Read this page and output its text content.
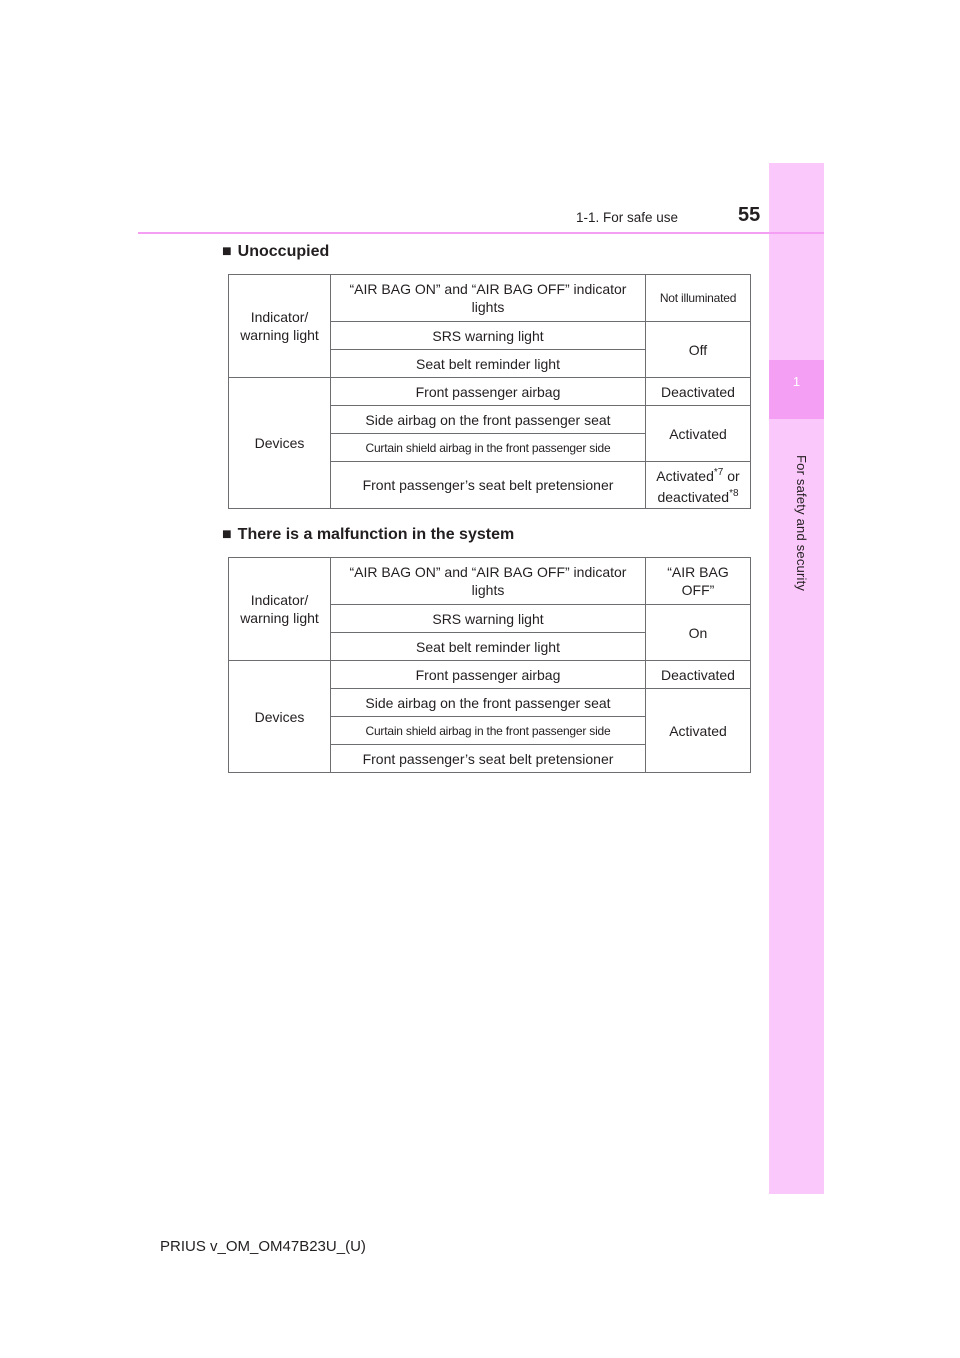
1
For safety and security
1-1. For safe use	55
■ Unoccupied
Indicator/ warning light	“AIR BAG ON” and “AIR BAG OFF” indicator lights	Not illuminated
	SRS warning light	Off
	Seat belt reminder light	
Devices	Front passenger airbag	Deactivated
	Side airbag on the front passenger seat	Activated
	Curtain shield airbag in the front passenger side	
	Front passenger’s seat belt pretensioner	Activated$^{*7}$ or
deactivated$^{*8}$
■ There is a malfunction in the system
Indicator/ warning light	“AIR BAG ON” and “AIR BAG OFF” indicator lights	“AIR BAG OFF”
	SRS warning light	On
	Seat belt reminder light	
Devices	Front passenger airbag	Deactivated
	Side airbag on the front passenger seat	Activated
	Curtain shield airbag in the front passenger side	
	Front passenger’s seat belt pretensioner	
PRIUS v_OM_OM47B23U_(U)
